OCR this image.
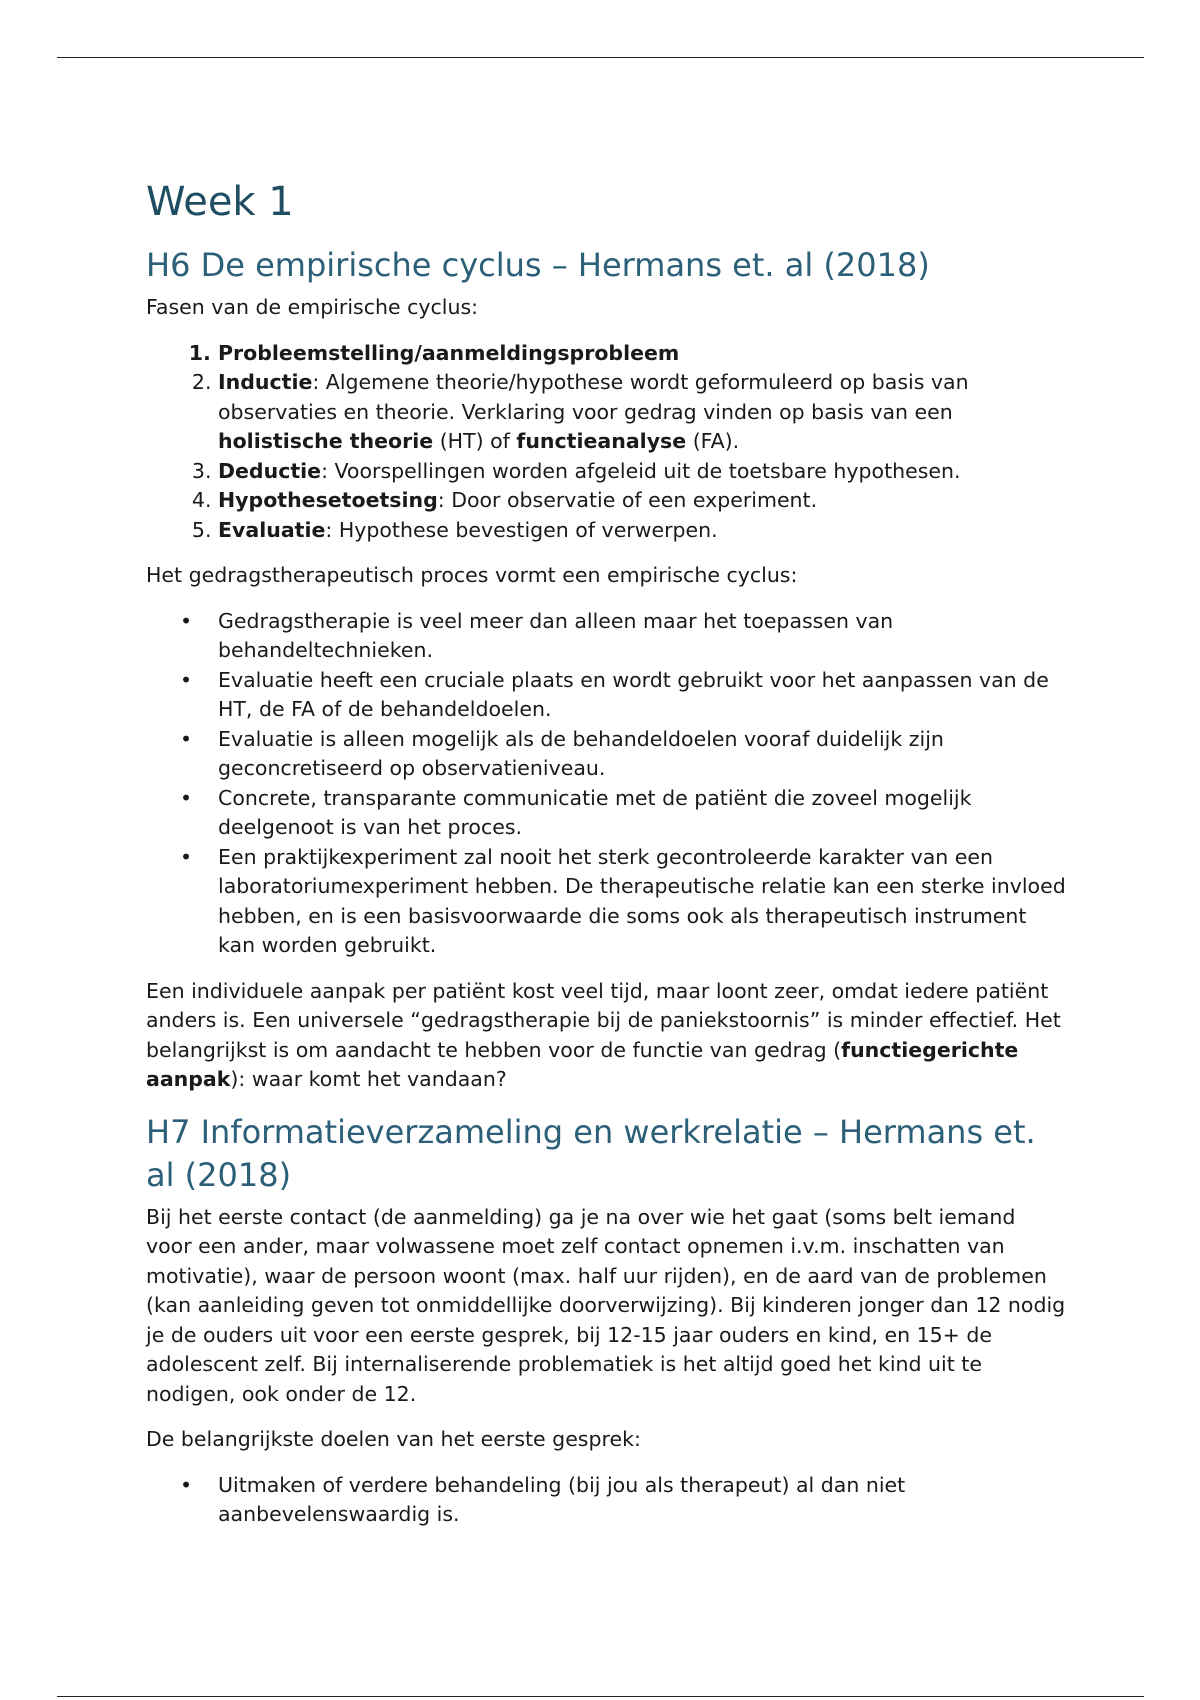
Week 1
H6 De empirische cyclus – Hermans et. al (2018)

Fasen van de empirische cyclus:

1. Probleemstelling/aanmeldingsprobleem
2. Inductie: Algemene theorie/hypothese wordt geformuleerd op basis van observaties en theorie. Verklaring voor gedrag vinden op basis van een holistische theorie (HT) of functieanalyse (FA).
3. Deductie: Voorspellingen worden afgeleid uit de toetsbare hypothesen.
4. Hypothesetoetsing: Door observatie of een experiment.
5. Evaluatie: Hypothese bevestigen of verwerpen.

Het gedragstherapeutisch proces vormt een empirische cyclus:

• Gedragstherapie is veel meer dan alleen maar het toepassen van behandeltechnieken.
• Evaluatie heeft een cruciale plaats en wordt gebruikt voor het aanpassen van de HT, de FA of de behandeldoelen.
• Evaluatie is alleen mogelijk als de behandeldoelen vooraf duidelijk zijn geconcretiseerd op observatieniveau.
• Concrete, transparante communicatie met de patiënt die zoveel mogelijk deelgenoot is van het proces.
• Een praktijkexperiment zal nooit het sterk gecontroleerde karakter van een laboratoriumexperiment hebben. De therapeutische relatie kan een sterke invloed hebben, en is een basisvoorwaarde die soms ook als therapeutisch instrument kan worden gebruikt.

Een individuele aanpak per patiënt kost veel tijd, maar loont zeer, omdat iedere patiënt anders is. Een universele “gedragstherapie bij de paniekstoornis” is minder effectief. Het belangrijkst is om aandacht te hebben voor de functie van gedrag (functiegerichte aanpak): waar komt het vandaan?

H7 Informatieverzameling en werkrelatie – Hermans et. al (2018)

Bij het eerste contact (de aanmelding) ga je na over wie het gaat (soms belt iemand voor een ander, maar volwassene moet zelf contact opnemen i.v.m. inschatten van motivatie), waar de persoon woont (max. half uur rijden), en de aard van de problemen (kan aanleiding geven tot onmiddellijke doorverwijzing). Bij kinderen jonger dan 12 nodig je de ouders uit voor een eerste gesprek, bij 12-15 jaar ouders en kind, en 15+ de adolescent zelf. Bij internaliserende problematiek is het altijd goed het kind uit te nodigen, ook onder de 12.

De belangrijkste doelen van het eerste gesprek:

• Uitmaken of verdere behandeling (bij jou als therapeut) al dan niet aanbevelenswaardig is.
